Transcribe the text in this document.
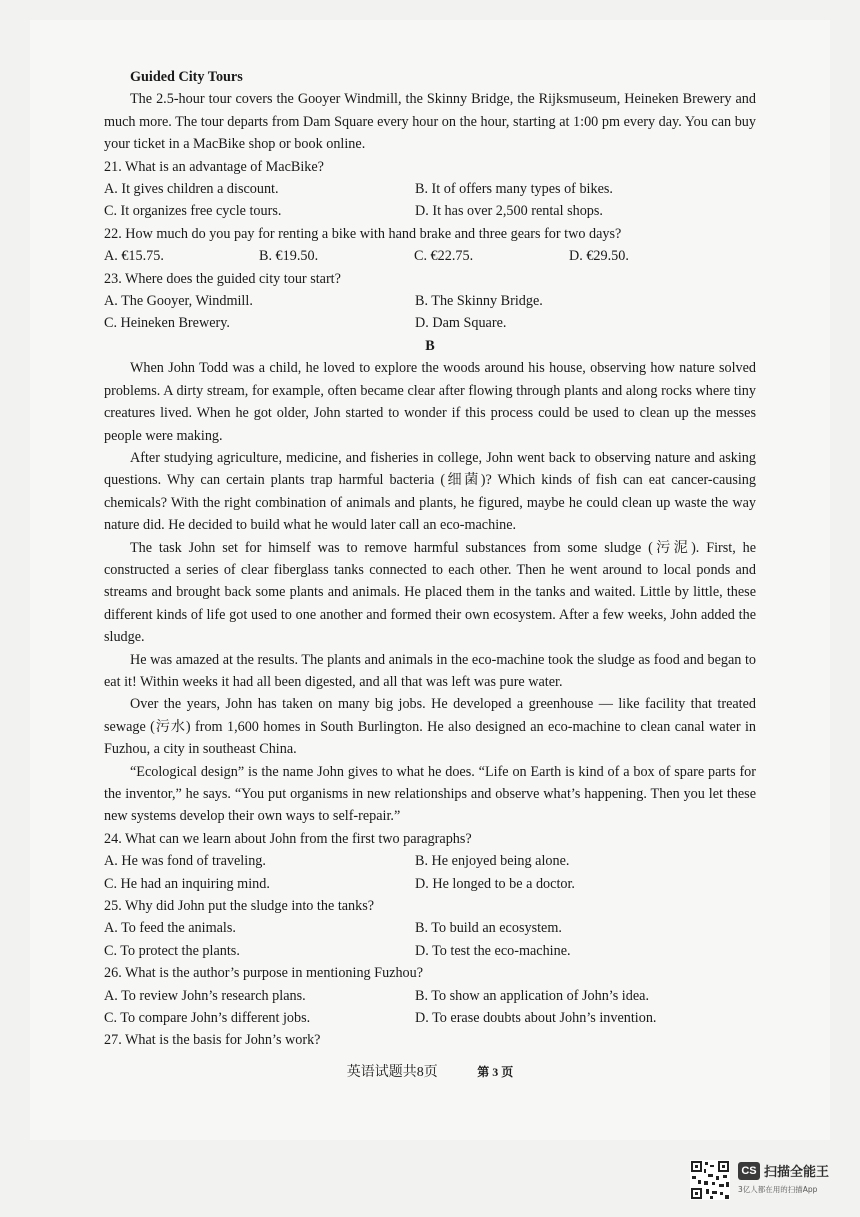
Guided City Tours
The 2.5-hour tour covers the Gooyer Windmill, the Skinny Bridge, the Rijksmuseum, Heineken Brewery and much more. The tour departs from Dam Square every hour on the hour, starting at 1:00 pm every day. You can buy your ticket in a MacBike shop or book online.
21. What is an advantage of MacBike?
A. It gives children a discount.	B. It of offers many types of bikes.
C. It organizes free cycle tours.	D. It has over 2,500 rental shops.
22. How much do you pay for renting a bike with hand brake and three gears for two days?
A. €15.75.	B. €19.50.	C. €22.75.	D. €29.50.
23. Where does the guided city tour start?
A. The Gooyer, Windmill.	B. The Skinny Bridge.
C. Heineken Brewery.	D. Dam Square.
B
When John Todd was a child, he loved to explore the woods around his house, observing how nature solved problems. A dirty stream, for example, often became clear after flowing through plants and along rocks where tiny creatures lived. When he got older, John started to wonder if this process could be used to clean up the messes people were making.
After studying agriculture, medicine, and fisheries in college, John went back to observing nature and asking questions. Why can certain plants trap harmful bacteria (细菌)? Which kinds of fish can eat cancer-causing chemicals? With the right combination of animals and plants, he figured, maybe he could clean up waste the way nature did. He decided to build what he would later call an eco-machine.
The task John set for himself was to remove harmful substances from some sludge (污泥). First, he constructed a series of clear fiberglass tanks connected to each other. Then he went around to local ponds and streams and brought back some plants and animals. He placed them in the tanks and waited. Little by little, these different kinds of life got used to one another and formed their own ecosystem. After a few weeks, John added the sludge.
He was amazed at the results. The plants and animals in the eco-machine took the sludge as food and began to eat it! Within weeks it had all been digested, and all that was left was pure water.
Over the years, John has taken on many big jobs. He developed a greenhouse — like facility that treated sewage (污水) from 1,600 homes in South Burlington. He also designed an eco-machine to clean canal water in Fuzhou, a city in southeast China.
“Ecological design” is the name John gives to what he does. “Life on Earth is kind of a box of spare parts for the inventor,” he says. “You put organisms in new relationships and observe what’s happening. Then you let these new systems develop their own ways to self-repair.”
24. What can we learn about John from the first two paragraphs?
A. He was fond of traveling.	B. He enjoyed being alone.
C. He had an inquiring mind.	D. He longed to be a doctor.
25. Why did John put the sludge into the tanks?
A. To feed the animals.	B. To build an ecosystem.
C. To protect the plants.	D. To test the eco-machine.
26. What is the author’s purpose in mentioning Fuzhou?
A. To review John’s research plans.	B. To show an application of John’s idea.
C. To compare John’s different jobs.	D. To erase doubts about John’s invention.
27. What is the basis for John’s work?
英语试题共8页	第 3 页
CS 扫描全能王
3亿人都在用的扫描App
